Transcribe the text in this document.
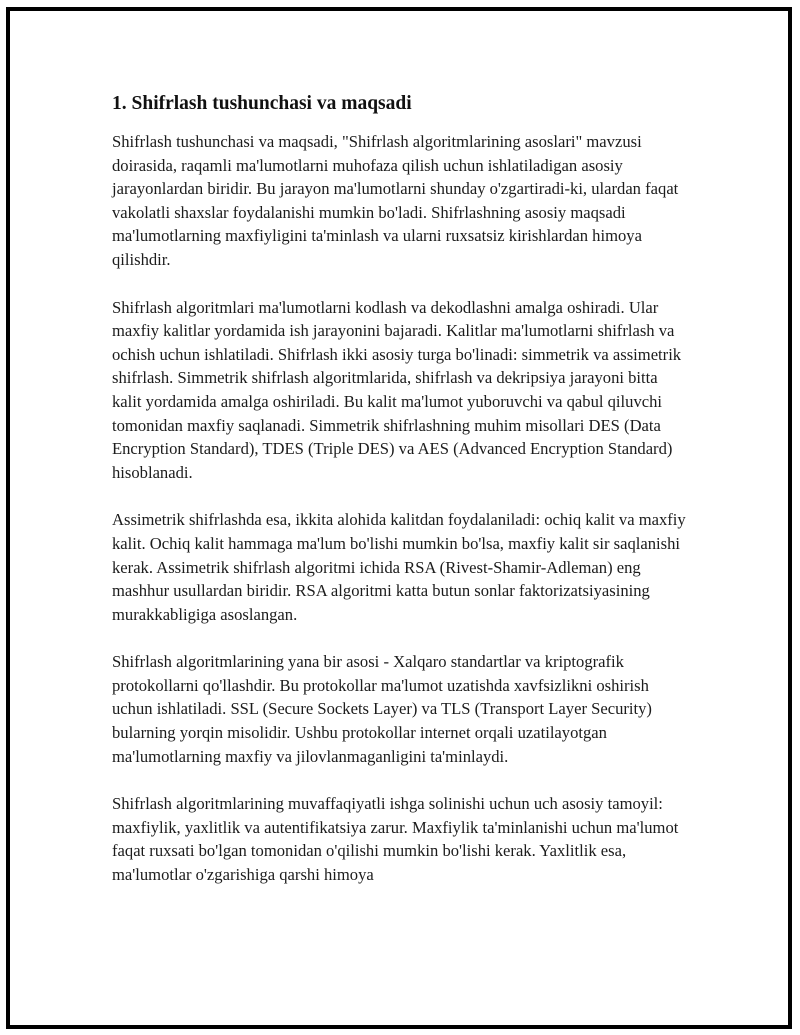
1. Shifrlash tushunchasi va maqsadi

Shifrlash tushunchasi va maqsadi, "Shifrlash algoritmlarining asoslari" mavzusi doirasida, raqamli ma'lumotlarni muhofaza qilish uchun ishlatiladigan asosiy jarayonlardan biridir. Bu jarayon ma'lumotlarni shunday o'zgartiradi-ki, ulardan faqat vakolatli shaxslar foydalanishi mumkin bo'ladi. Shifrlashning asosiy maqsadi ma'lumotlarning maxfiyligini ta'minlash va ularni ruxsatsiz kirishlardan himoya qilishdir.

Shifrlash algoritmlari ma'lumotlarni kodlash va dekodlashni amalga oshiradi. Ular maxfiy kalitlar yordamida ish jarayonini bajaradi. Kalitlar ma'lumotlarni shifrlash va ochish uchun ishlatiladi. Shifrlash ikki asosiy turga bo'linadi: simmetrik va assimetrik shifrlash. Simmetrik shifrlash algoritmlarida, shifrlash va dekripsiya jarayoni bitta kalit yordamida amalga oshiriladi. Bu kalit ma'lumot yuboruvchi va qabul qiluvchi tomonidan maxfiy saqlanadi. Simmetrik shifrlashning muhim misollari DES (Data Encryption Standard), TDES (Triple DES) va AES (Advanced Encryption Standard) hisoblanadi.

Assimetrik shifrlashda esa, ikkita alohida kalitdan foydalaniladi: ochiq kalit va maxfiy kalit. Ochiq kalit hammaga ma'lum bo'lishi mumkin bo'lsa, maxfiy kalit sir saqlanishi kerak. Assimetrik shifrlash algoritmi ichida RSA (Rivest-Shamir-Adleman) eng mashhur usullardan biridir. RSA algoritmi katta butun sonlar faktorizatsiyasining murakkabligiga asoslangan.

Shifrlash algoritmlarining yana bir asosi - Xalqaro standartlar va kriptografik protokollarni qo'llashdir. Bu protokollar ma'lumot uzatishda xavfsizlikni oshirish uchun ishlatiladi. SSL (Secure Sockets Layer) va TLS (Transport Layer Security) bularning yorqin misolidir. Ushbu protokollar internet orqali uzatilayotgan ma'lumotlarning maxfiy va jilovlanmaganligini ta'minlaydi.

Shifrlash algoritmlarining muvaffaqiyatli ishga solinishi uchun uch asosiy tamoyil: maxfiylik, yaxlitlik va autentifikatsiya zarur. Maxfiylik ta'minlanishi uchun ma'lumot faqat ruxsati bo'lgan tomonidan o'qilishi mumkin bo'lishi kerak. Yaxlitlik esa, ma'lumotlar o'zgarishiga qarshi himoya
